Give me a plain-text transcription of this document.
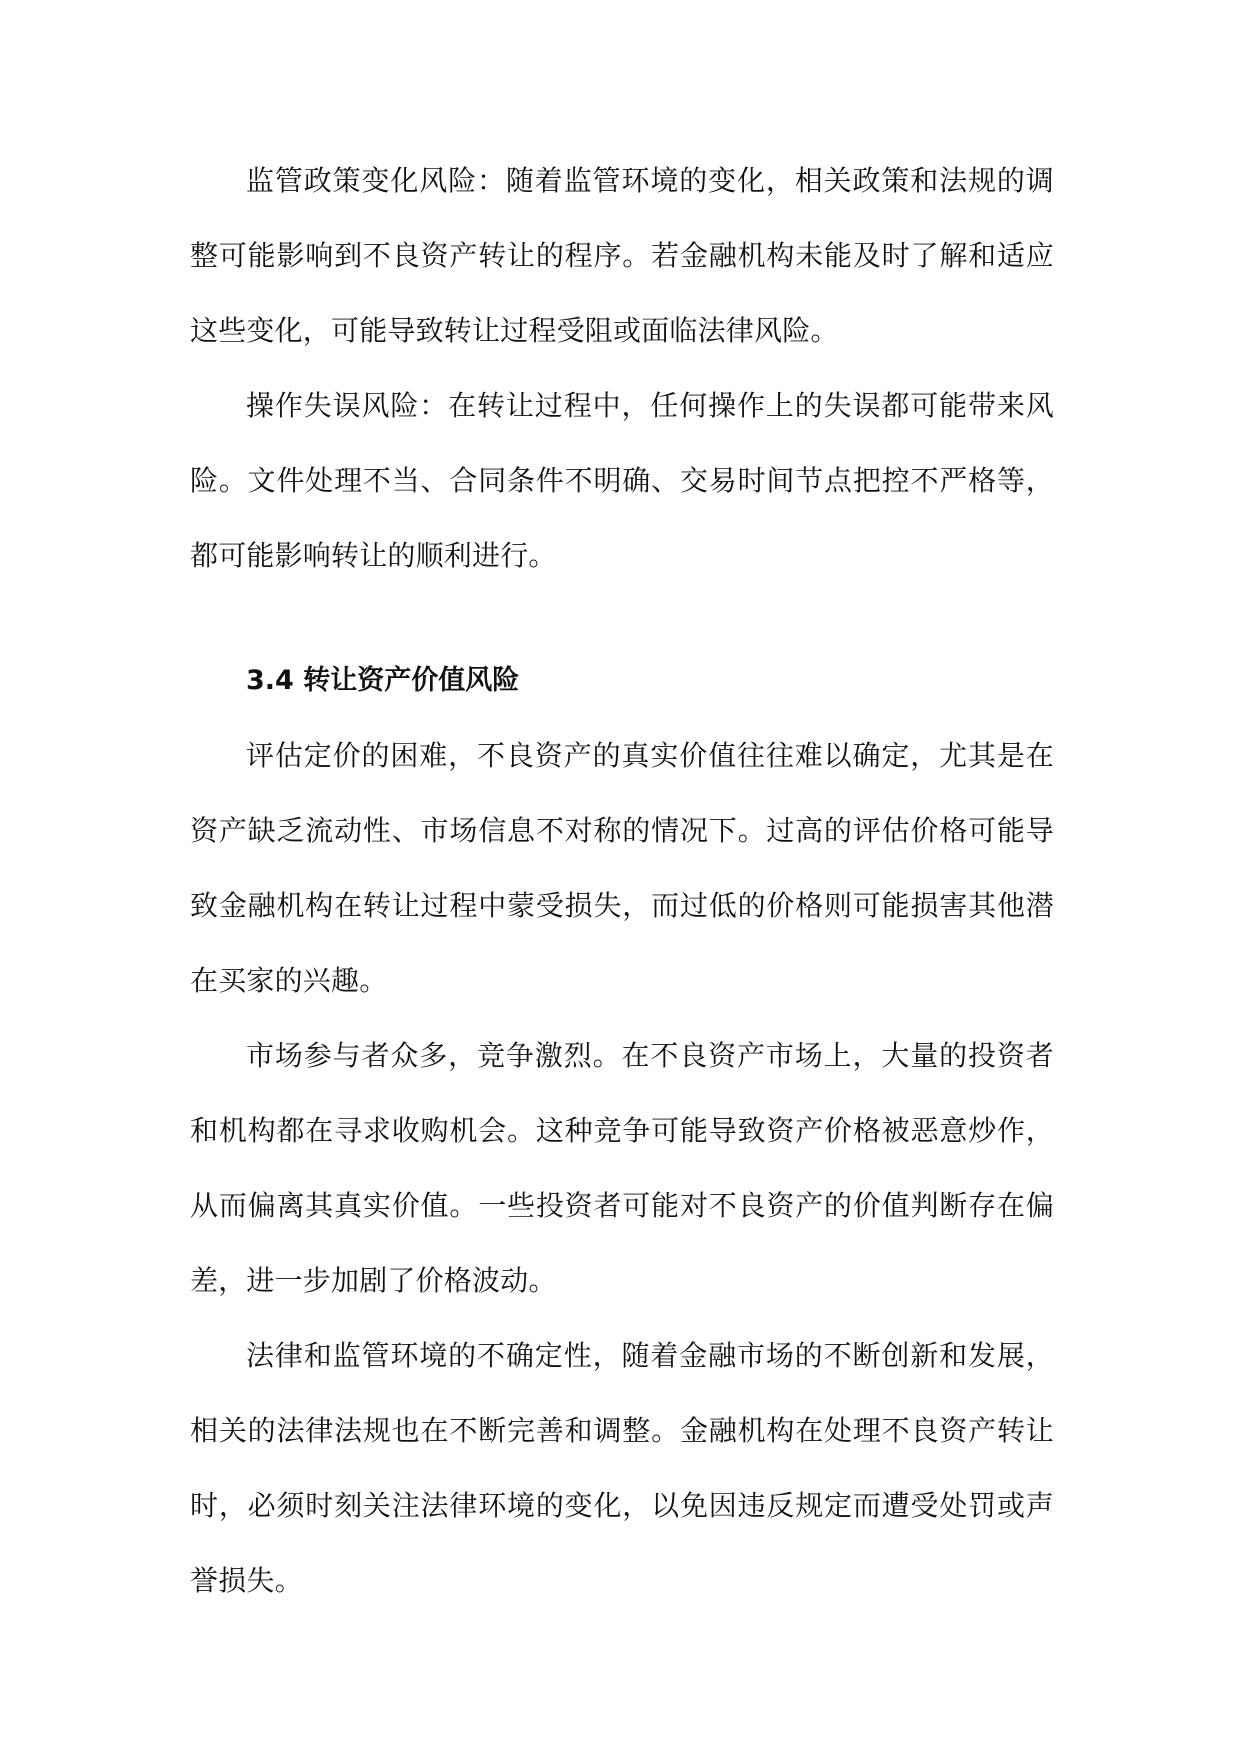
监管政策变化风险：随着监管环境的变化，相关政策和法规的调整可能影响到不良资产转让的程序。若金融机构未能及时了解和适应这些变化，可能导致转让过程受阻或面临法律风险。

操作失误风险：在转让过程中，任何操作上的失误都可能带来风险。文件处理不当、合同条件不明确、交易时间节点把控不严格等，都可能影响转让的顺利进行。

3.4 转让资产价值风险

评估定价的困难，不良资产的真实价值往往难以确定，尤其是在资产缺乏流动性、市场信息不对称的情况下。过高的评估价格可能导致金融机构在转让过程中蒙受损失，而过低的价格则可能损害其他潜在买家的兴趣。

市场参与者众多，竞争激烈。在不良资产市场上，大量的投资者和机构都在寻求收购机会。这种竞争可能导致资产价格被恶意炒作，从而偏离其真实价值。一些投资者可能对不良资产的价值判断存在偏差，进一步加剧了价格波动。

法律和监管环境的不确定性，随着金融市场的不断创新和发展，相关的法律法规也在不断完善和调整。金融机构在处理不良资产转让时，必须时刻关注法律环境的变化，以免因违反规定而遭受处罚或声誉损失。
